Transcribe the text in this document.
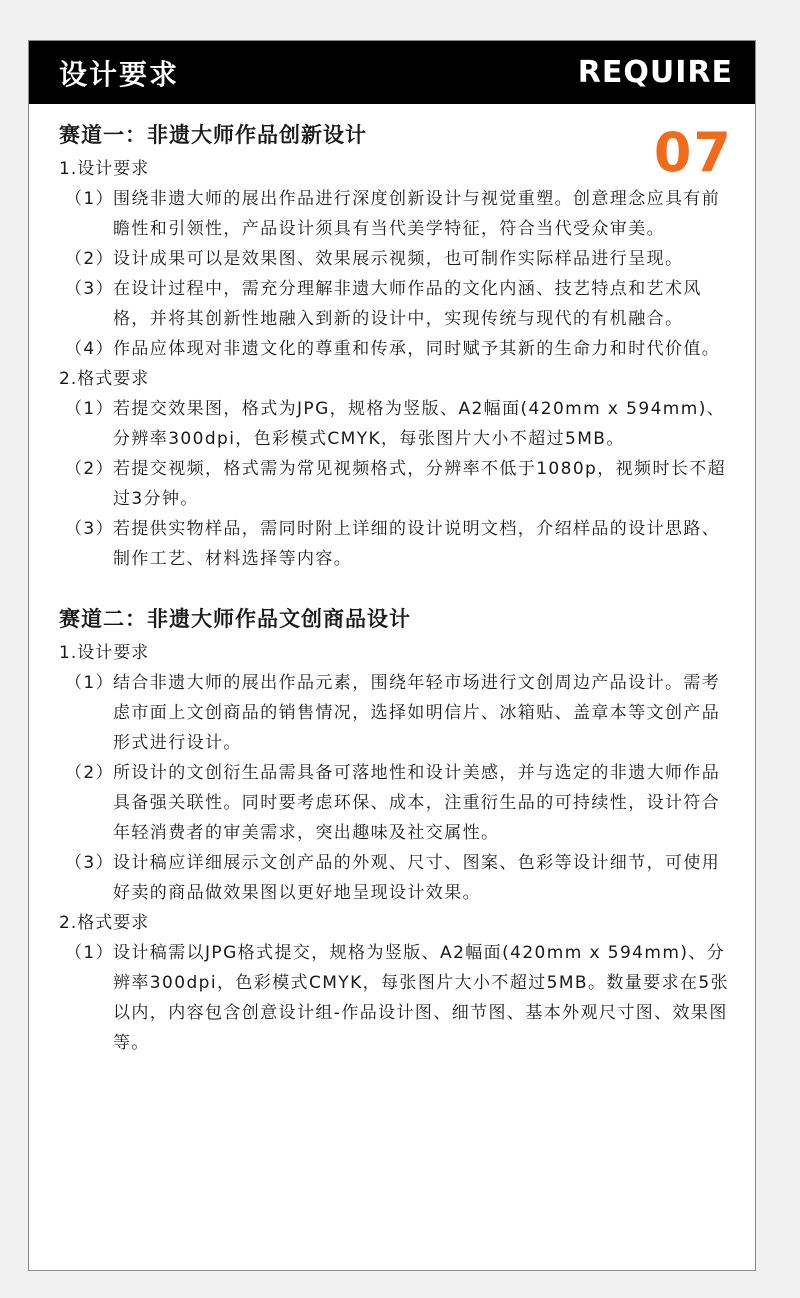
设计要求	REQUIRE
07
赛道一：非遗大师作品创新设计
1.设计要求
（1）
围绕非遗大师的展出作品进行深度创新设计与视觉重塑。创意理念应具有前瞻性和引领性，产品设计须具有当代美学特征，符合当代受众审美。
（2）
设计成果可以是效果图、效果展示视频，也可制作实际样品进行呈现。
（3）
在设计过程中，需充分理解非遗大师作品的文化内涵、技艺特点和艺术风格，并将其创新性地融入到新的设计中，实现传统与现代的有机融合。
（4）
作品应体现对非遗文化的尊重和传承，同时赋予其新的生命力和时代价值。
2.格式要求
（1）
若提交效果图，格式为JPG，规格为竖版、A2幅面(420mm x 594mm)、分辨率300dpi，色彩模式CMYK，每张图片大小不超过5MB。
（2）
若提交视频，格式需为常见视频格式，分辨率不低于1080p，视频时长不超过3分钟。
（3）
若提供实物样品，需同时附上详细的设计说明文档，介绍样品的设计思路、制作工艺、材料选择等内容。
赛道二：非遗大师作品文创商品设计
1.设计要求
（1）
结合非遗大师的展出作品元素，围绕年轻市场进行文创周边产品设计。需考虑市面上文创商品的销售情况，选择如明信片、冰箱贴、盖章本等文创产品形式进行设计。
（2）
所设计的文创衍生品需具备可落地性和设计美感，并与选定的非遗大师作品具备强关联性。同时要考虑环保、成本，注重衍生品的可持续性，设计符合年轻消费者的审美需求，突出趣味及社交属性。
（3）
设计稿应详细展示文创产品的外观、尺寸、图案、色彩等设计细节，可使用好卖的商品做效果图以更好地呈现设计效果。
2.格式要求
（1）
设计稿需以JPG格式提交，规格为竖版、A2幅面(420mm x 594mm)、分辨率300dpi，色彩模式CMYK，每张图片大小不超过5MB。数量要求在5张以内，内容包含创意设计组-作品设计图、细节图、基本外观尺寸图、效果图等。
